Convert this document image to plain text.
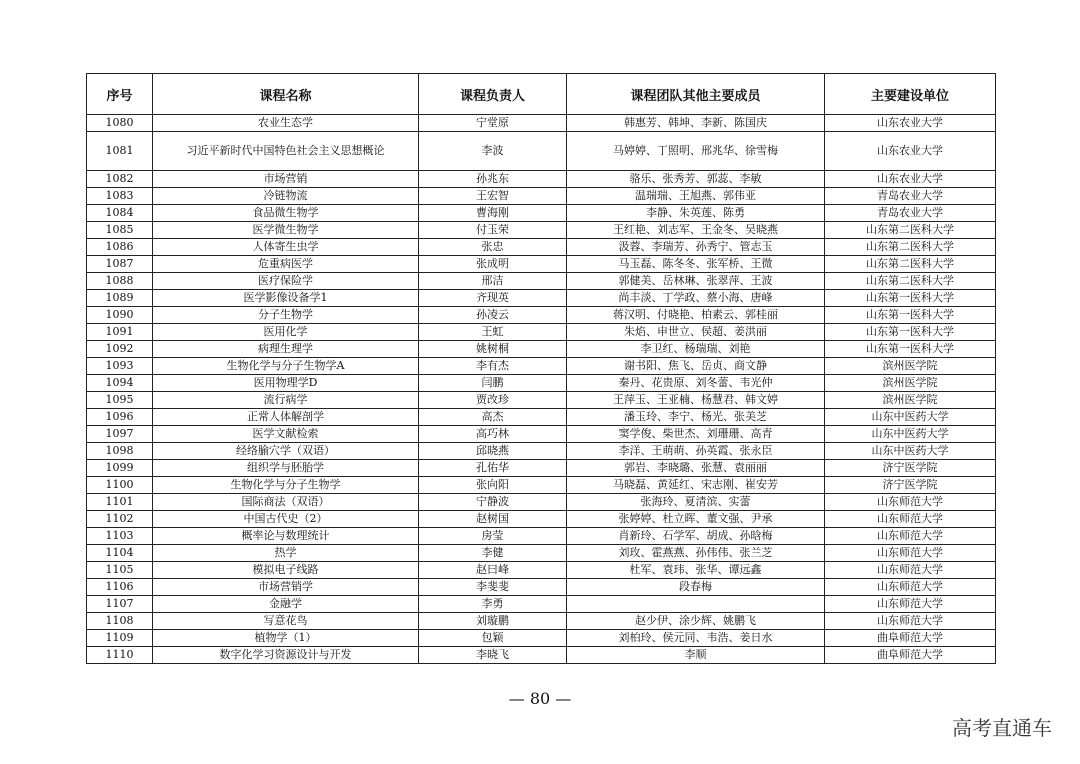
序号	课程名称	课程负责人	课程团队其他主要成员	主要建设单位
1080	农业生态学	宁堂原	韩惠芳、韩坤、李新、陈国庆	山东农业大学
1081	习近平新时代中国特色社会主义思想概论	李波	马婷婷、丁照明、邢兆华、徐雪梅	山东农业大学
1082	市场营销	孙兆东	骆乐、张秀芳、郭蕊、李敏	山东农业大学
1083	冷链物流	王宏智	温瑞瑞、王旭燕、郭伟亚	青岛农业大学
1084	食品微生物学	曹海刚	李静、朱英莲、陈勇	青岛农业大学
1085	医学微生物学	付玉荣	王红艳、刘志军、王金冬、吴晓燕	山东第二医科大学
1086	人体寄生虫学	张忠	汲蓉、李瑞芳、孙秀宁、管志玉	山东第二医科大学
1087	危重病医学	张成明	马玉磊、陈冬冬、张军桥、王微	山东第二医科大学
1088	医疗保险学	邢洁	郭健美、岳林琳、张翠萍、王波	山东第二医科大学
1089	医学影像设备学1	齐现英	尚丰淡、丁学政、蔡小海、唐峰	山东第一医科大学
1090	分子生物学	孙凌云	蒋汉明、付晓艳、柏素云、郭桂丽	山东第一医科大学
1091	医用化学	王虹	朱焰、申世立、侯超、姜洪丽	山东第一医科大学
1092	病理生理学	姚树桐	李卫红、杨瑞瑞、刘艳	山东第一医科大学
1093	生物化学与分子生物学A	李有杰	谢书阳、焦飞、岳贞、商文静	滨州医学院
1094	医用物理学D	闫鹏	秦丹、花贵原、刘冬蕾、韦光仲	滨州医学院
1095	流行病学	贾改珍	王萍玉、王亚楠、杨慧君、韩文婷	滨州医学院
1096	正常人体解剖学	高杰	潘玉玲、李宁、杨光、张美芝	山东中医药大学
1097	医学文献检索	高巧林	窦学俊、柴世杰、刘珊珊、高青	山东中医药大学
1098	经络腧穴学（双语）	邱晓燕	李洋、王萌萌、孙英霞、张永臣	山东中医药大学
1099	组织学与胚胎学	孔佑华	郭岩、李晓璐、张慧、袁丽丽	济宁医学院
1100	生物化学与分子生物学	张向阳	马晓磊、黄延红、宋志刚、崔安芳	济宁医学院
1101	国际商法（双语）	宁静波	张海玲、夏清滨、实蕾	山东师范大学
1102	中国古代史（2）	赵树国	张婷婷、杜立晖、董文强、尹承	山东师范大学
1103	概率论与数理统计	房莹	肖新玲、石学军、胡成、孙晗梅	山东师范大学
1104	热学	李健	刘玫、霍燕燕、孙伟伟、张兰芝	山东师范大学
1105	模拟电子线路	赵曰峰	杜军、袁玮、张华、谭远鑫	山东师范大学
1106	市场营销学	李斐斐	段春梅	山东师范大学
1107	金融学	李勇		山东师范大学
1108	写意花鸟	刘璇鹏	赵少伊、涂少辉、姚鹏飞	山东师范大学
1109	植物学（1）	包颖	刘柏玲、侯元同、韦浩、姜日水	曲阜师范大学
1110	数字化学习资源设计与开发	李晓飞	李顺	曲阜师范大学
— 80 —
高考直通车
